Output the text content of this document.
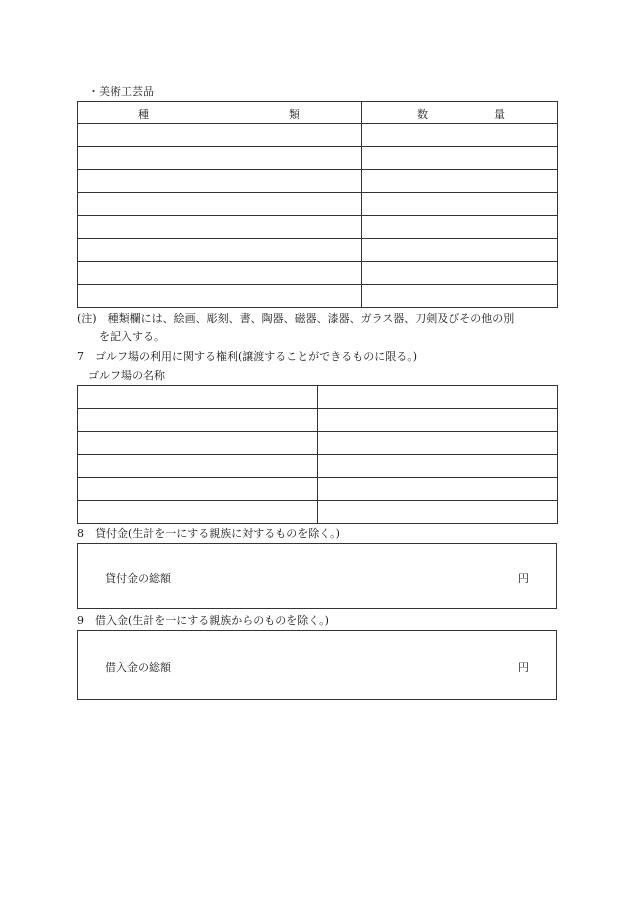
・美術工芸品
種 類	数 量

(注)　種類欄には、絵画、彫刻、書、陶器、磁器、漆器、ガラス器、刀剣及びその他の別
を記入する。
7　ゴルフ場の利用に関する権利(譲渡することができるものに限る。)
ゴルフ場の名称

8　貸付金(生計を一にする親族に対するものを除く。)
貸付金の総額	円
9　借入金(生計を一にする親族からのものを除く。)
借入金の総額	円
